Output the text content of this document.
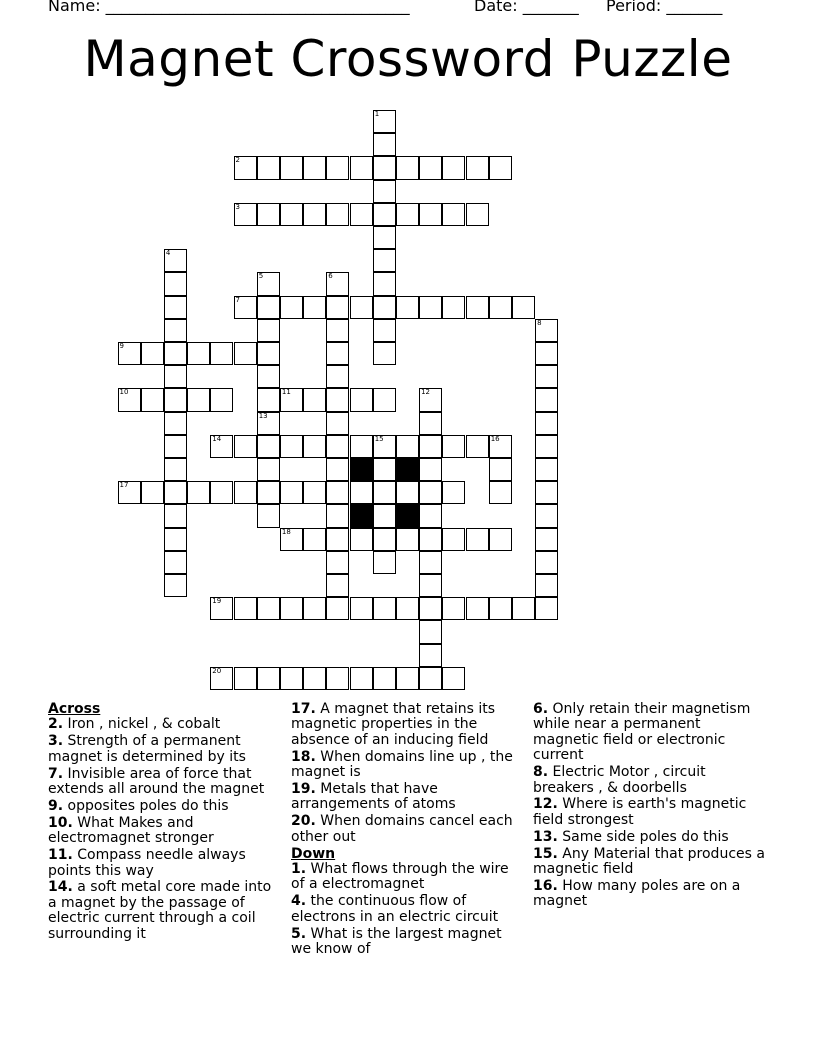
Name: ______________________________________	Date: _______ Period: _______
Magnet Crossword Puzzle
1
2
3
4
5
13
6
7
8
9
10	11	12
14	15	16
17
18
19
20
Across
2. Iron , nickel , & cobalt
3. Strength of a permanent magnet is determined by its
7. Invisible area of force that extends all around the magnet
9. opposites poles do this
10. What Makes and electromagnet stronger
11. Compass needle always points this way
14. a soft metal core made into a magnet by the passage of electric current through a coil surrounding it
17. A magnet that retains its magnetic properties in the absence of an inducing field
18. When domains line up , the magnet is
19. Metals that have arrangements of atoms
20. When domains cancel each other out
Down
1. What flows through the wire of a electromagnet
4. the continuous flow of electrons in an electric circuit
5. What is the largest magnet we know of
6. Only retain their magnetism while near a permanent magnetic field or electronic current
8. Electric Motor , circuit breakers , & doorbells
12. Where is earth's magnetic field strongest
13. Same side poles do this
15. Any Material that produces a magnetic field
16. How many poles are on a magnet
